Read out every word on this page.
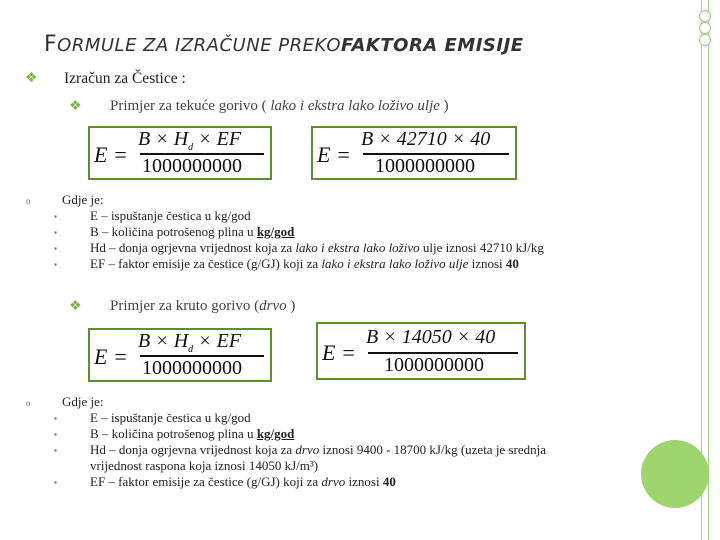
FORMULE ZA IZRAČUNE PREKOFAKTORA EMISIJE
❖ Izračun za Čestice :
❖ Primjer za tekuće gorivo ( lako i ekstra lako loživo ulje )
E =
$B \times H_d$ × EF
1000000000	E =
B × 42710 × 40
1000000000
o Gdje je:
▪	E – ispuštanje čestica u kg/god
▪	B – količina potrošenog plina u kg/god
▪	Hd – donja ogrjevna vrijednost koja za lako i ekstra lako loživo ulje iznosi 42710 kJ/kg
▪	EF – faktor emisije za čestice (g/GJ) koji za lako i ekstra lako loživo ulje iznosi 40
❖ Primjer za kruto gorivo (drvo )
E =
$B \times H_d$ × EF
1000000000
E =
B × 14050 × 40
1000000000
o Gdje je:
▪	E – ispuštanje čestica u kg/god
▪	B – količina potrošenog plina u kg/god
▪	Hd – donja ogrjevna vrijednost koja za drvo iznosi 9400 - 18700 kJ/kg (uzeta je srednja
vrijednost raspona koja iznosi 14050 kJ/m³)
▪	EF – faktor emisije za čestice (g/GJ) koji za drvo iznosi 40
